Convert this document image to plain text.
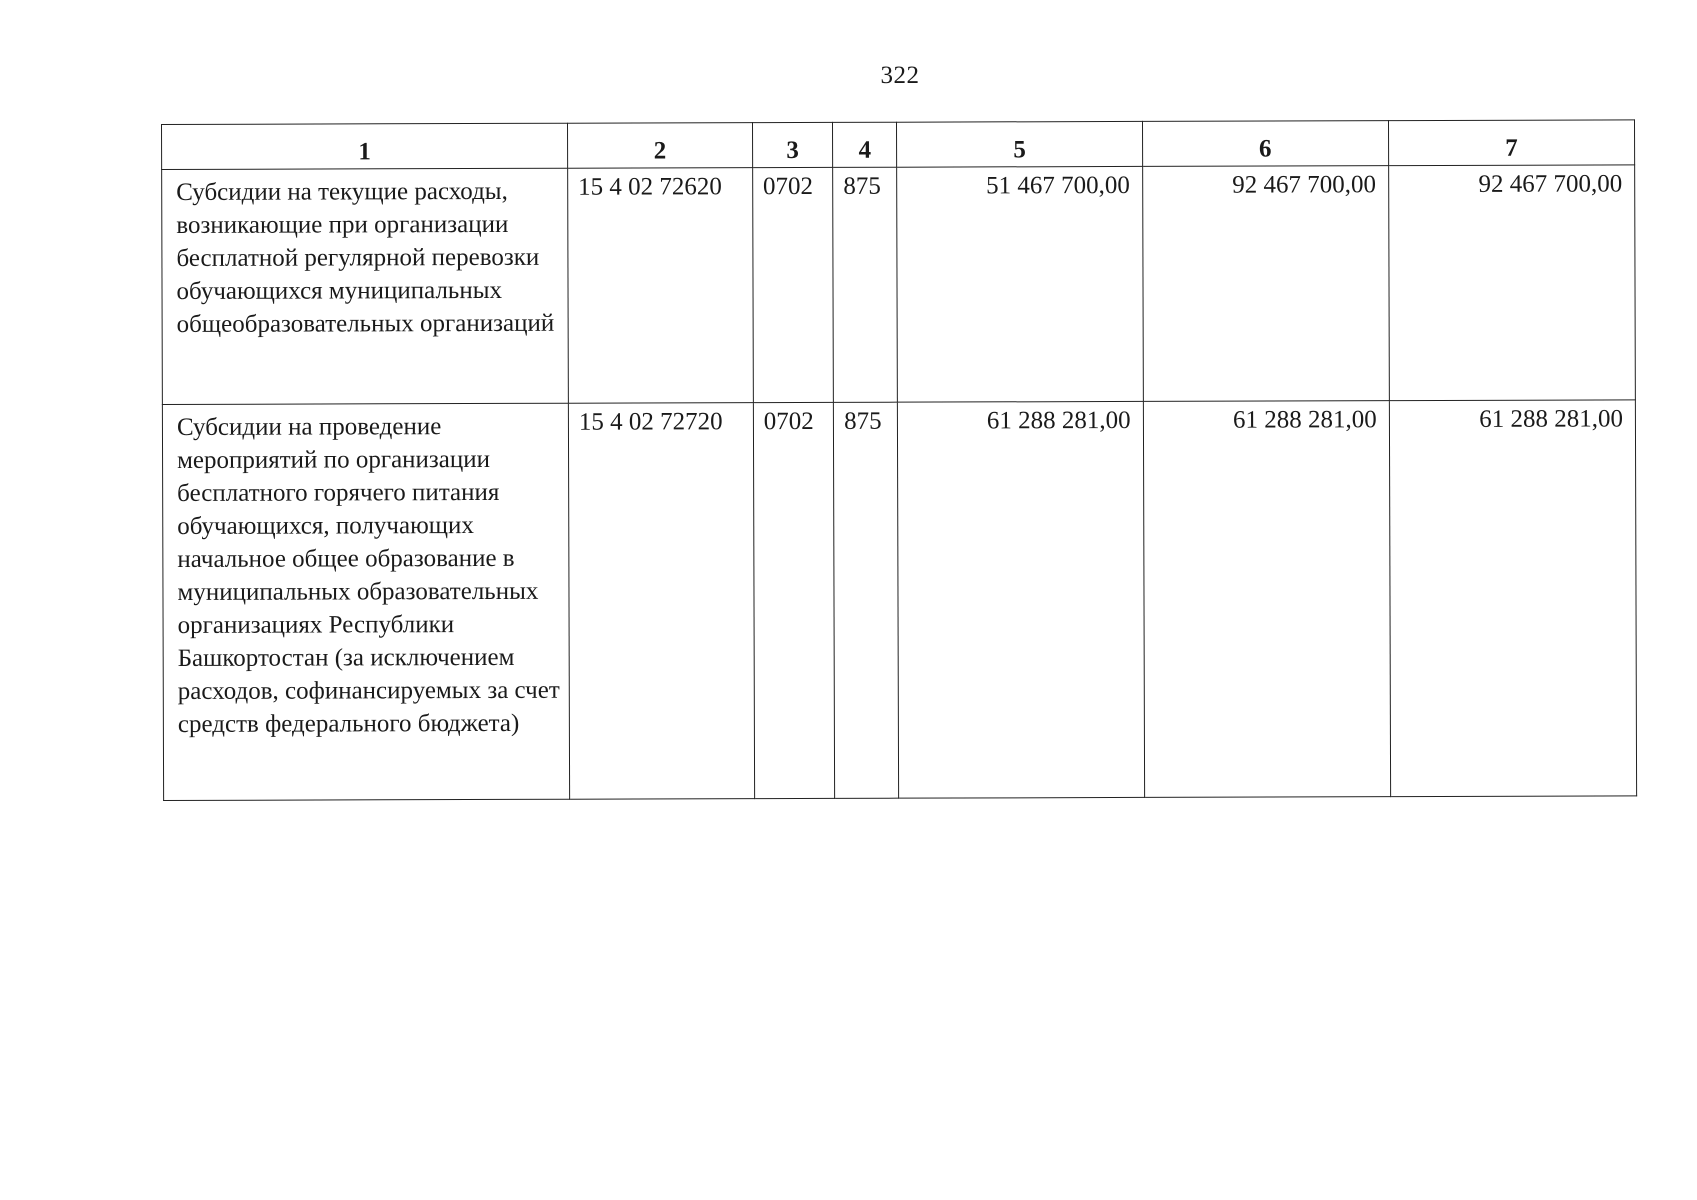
322
1	2	3	4	5	6	7
Субсидии на текущие расходы, возникающие при организации бесплатной регулярной перевозки обучающихся муниципальных общеобразовательных организаций	15 4 02 72620	0702	875	51 467 700,00	92 467 700,00	92 467 700,00
Субсидии на проведение мероприятий по организации бесплатного горячего питания обучающихся, получающих начальное общее образование в муниципальных образовательных организациях Республики Башкортостан (за исключением расходов, софинансируемых за счет средств федерального бюджета)	15 4 02 72720	0702	875	61 288 281,00	61 288 281,00	61 288 281,00
